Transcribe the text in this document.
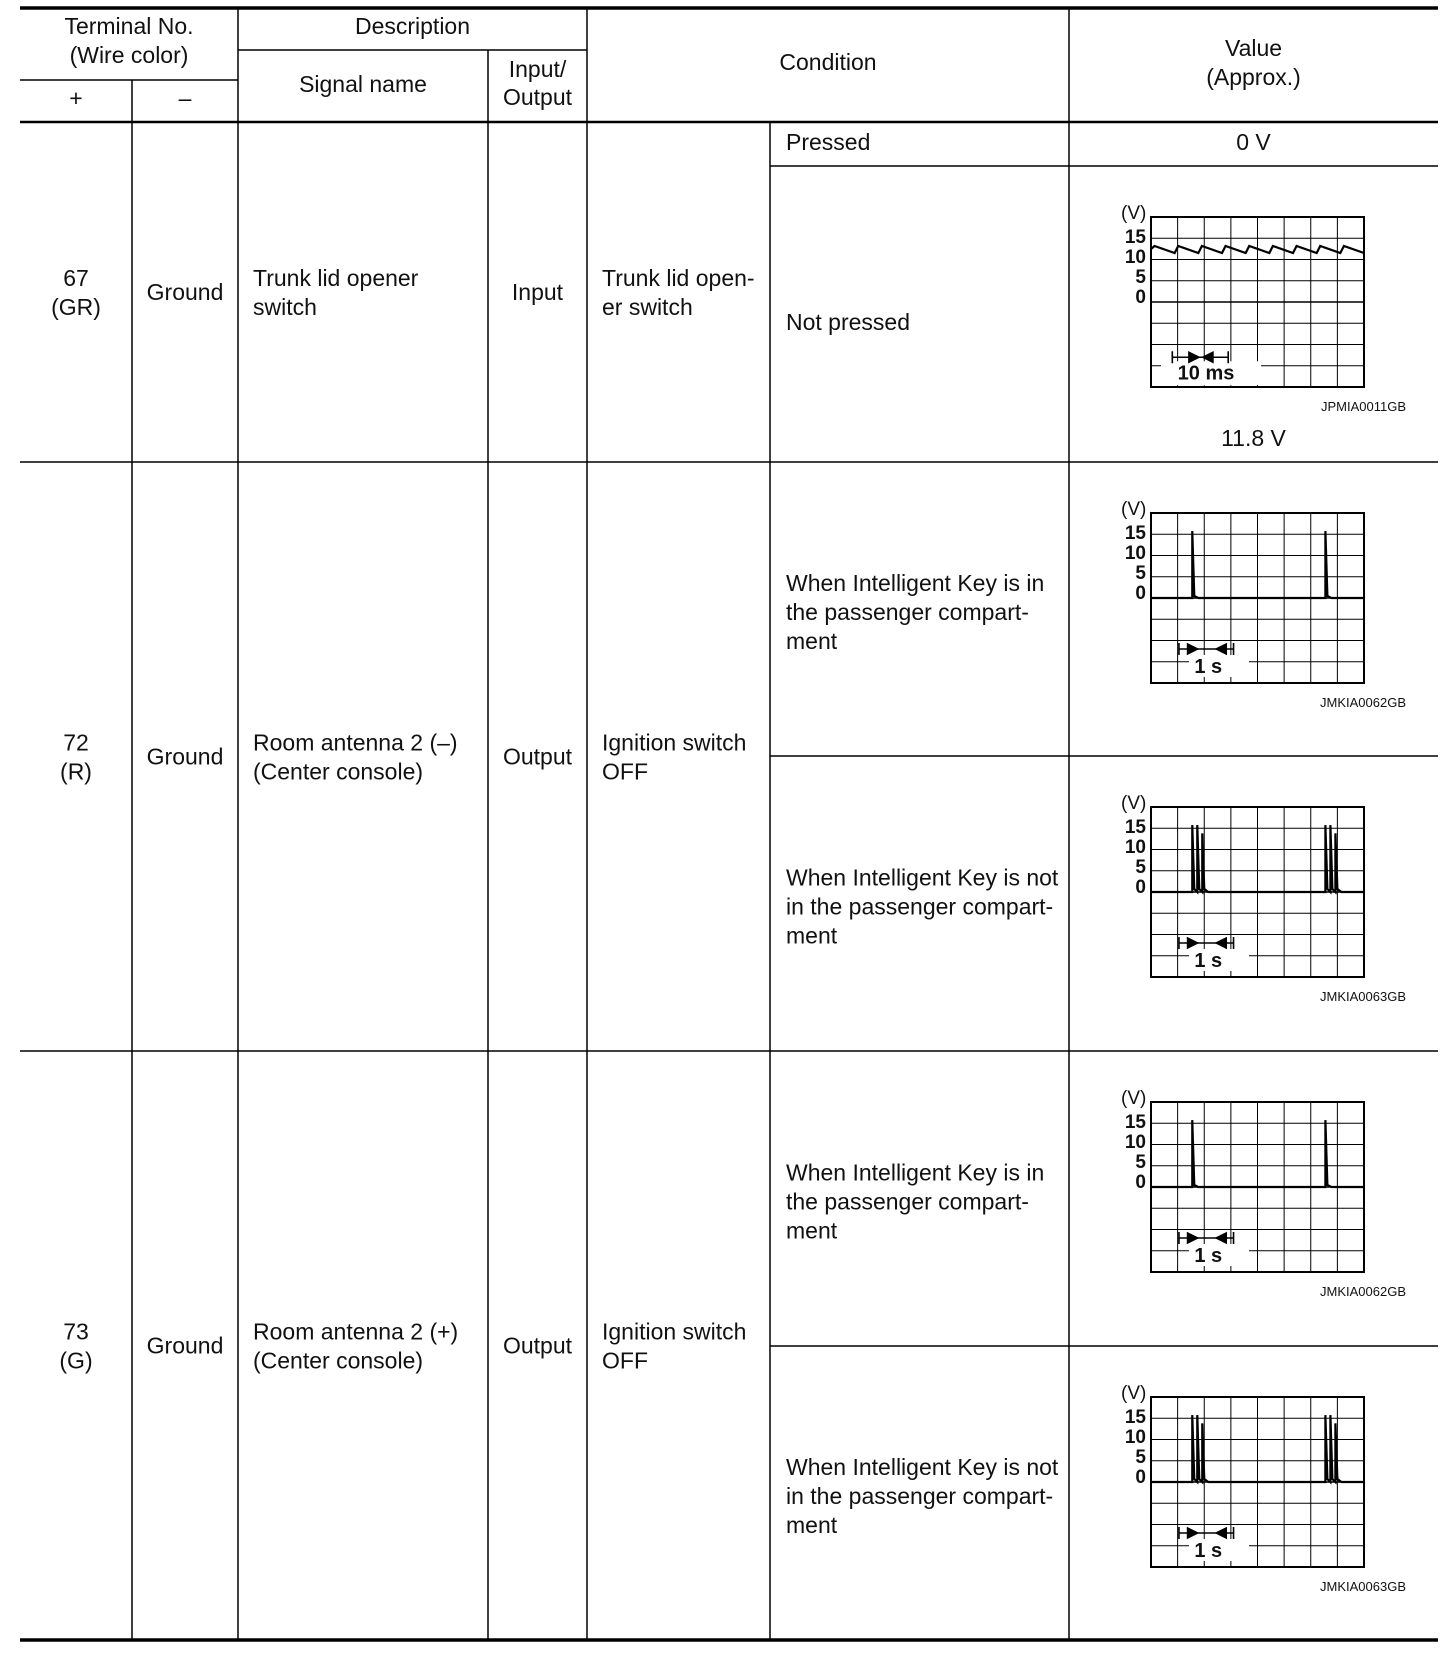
Terminal No.
(Wire color)
+	–
Description
Signal name
Input/
Output
Condition
Value
(Approx.)
67
(GR)
Ground
Trunk lid opener
switch
Input
Trunk lid open-
er switch
Pressed	0 V
Not pressed
11.8 V
72
(R)
Ground
Room antenna 2 (–)
(Center console)
Output
Ignition switch
OFF
When Intelligent Key is in
the passenger compart-
ment
When Intelligent Key is not
in the passenger compart-
ment
73
(G)
Ground
Room antenna 2 (+)
(Center console)
Output
Ignition switch
OFF
When Intelligent Key is in
the passenger compart-
ment
When Intelligent Key is not
in the passenger compart-
ment
(V)
15
10
5
0
10 ms
JPMIA0011GB
(V)
15
10
5
0
1 s
JMKIA0062GB
(V)
15
10
5
0
1 s
JMKIA0063GB
(V)
15
10
5
0
1 s
JMKIA0062GB
(V)
15
10
5
0
1 s
JMKIA0063GB
